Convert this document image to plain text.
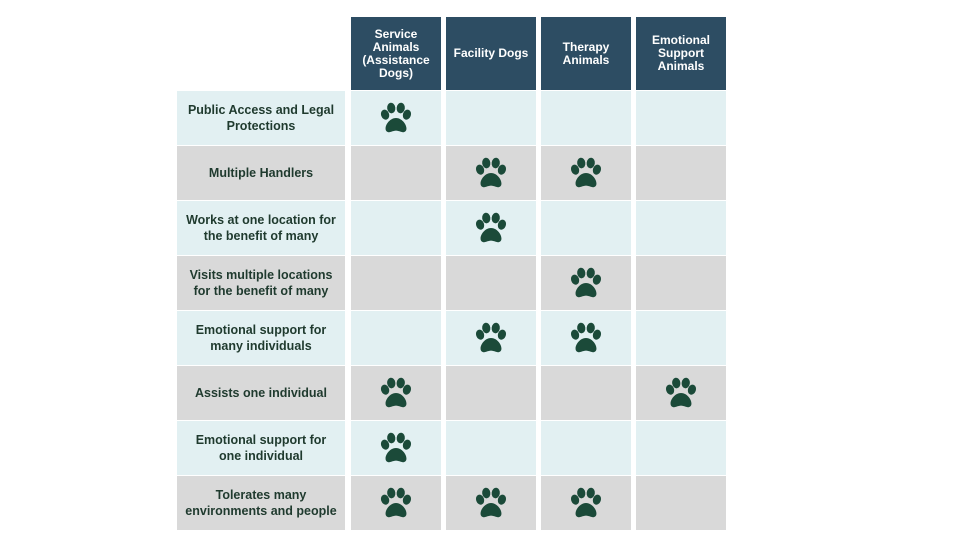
Service Animals (Assistance Dogs)
Facility Dogs	Therapy Animals
Emotional Support Animals
Public Access and Legal Protections
Multiple Handlers
Works at one location for the benefit of many
Visits multiple locations for the benefit of many
Emotional support for many individuals
Assists one individual
Emotional support for one individual
Tolerates many environments and people
